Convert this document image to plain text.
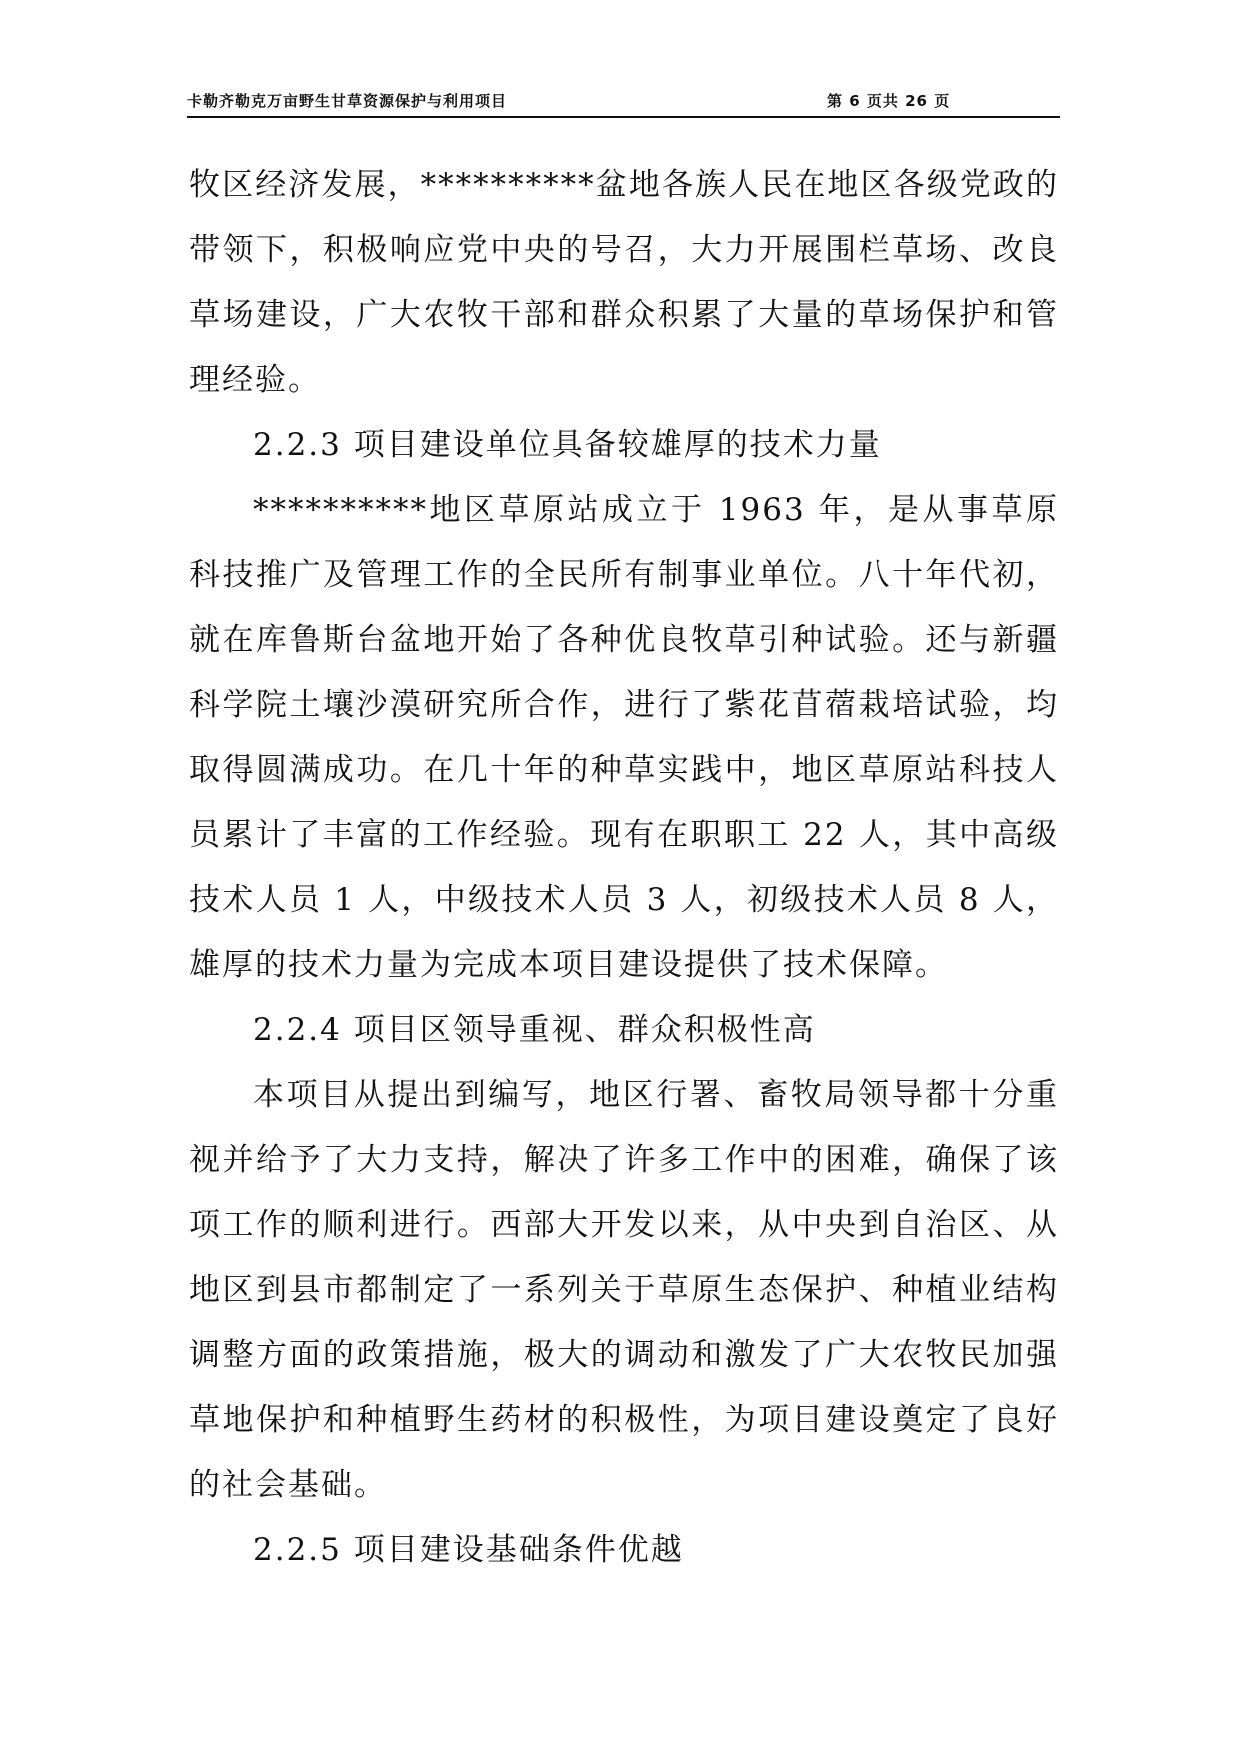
卡勒齐勒克万亩野生甘草资源保护与利用项目	第 6 页共 26 页

牧区经济发展，**********盆地各族人民在地区各级党政的带领下，积极响应党中央的号召，大力开展围栏草场、改良草场建设，广大农牧干部和群众积累了大量的草场保护和管理经验。

2.2.3 项目建设单位具备较雄厚的技术力量

**********地区草原站成立于 1963 年，是从事草原科技推广及管理工作的全民所有制事业单位。八十年代初，就在库鲁斯台盆地开始了各种优良牧草引种试验。还与新疆科学院土壤沙漠研究所合作，进行了紫花苜蓿栽培试验，均取得圆满成功。在几十年的种草实践中，地区草原站科技人员累计了丰富的工作经验。现有在职职工 22 人，其中高级技术人员 1 人，中级技术人员 3 人，初级技术人员 8 人，雄厚的技术力量为完成本项目建设提供了技术保障。

2.2.4 项目区领导重视、群众积极性高

本项目从提出到编写，地区行署、畜牧局领导都十分重视并给予了大力支持，解决了许多工作中的困难，确保了该项工作的顺利进行。西部大开发以来，从中央到自治区、从地区到县市都制定了一系列关于草原生态保护、种植业结构调整方面的政策措施，极大的调动和激发了广大农牧民加强草地保护和种植野生药材的积极性，为项目建设奠定了良好的社会基础。

2.2.5 项目建设基础条件优越
